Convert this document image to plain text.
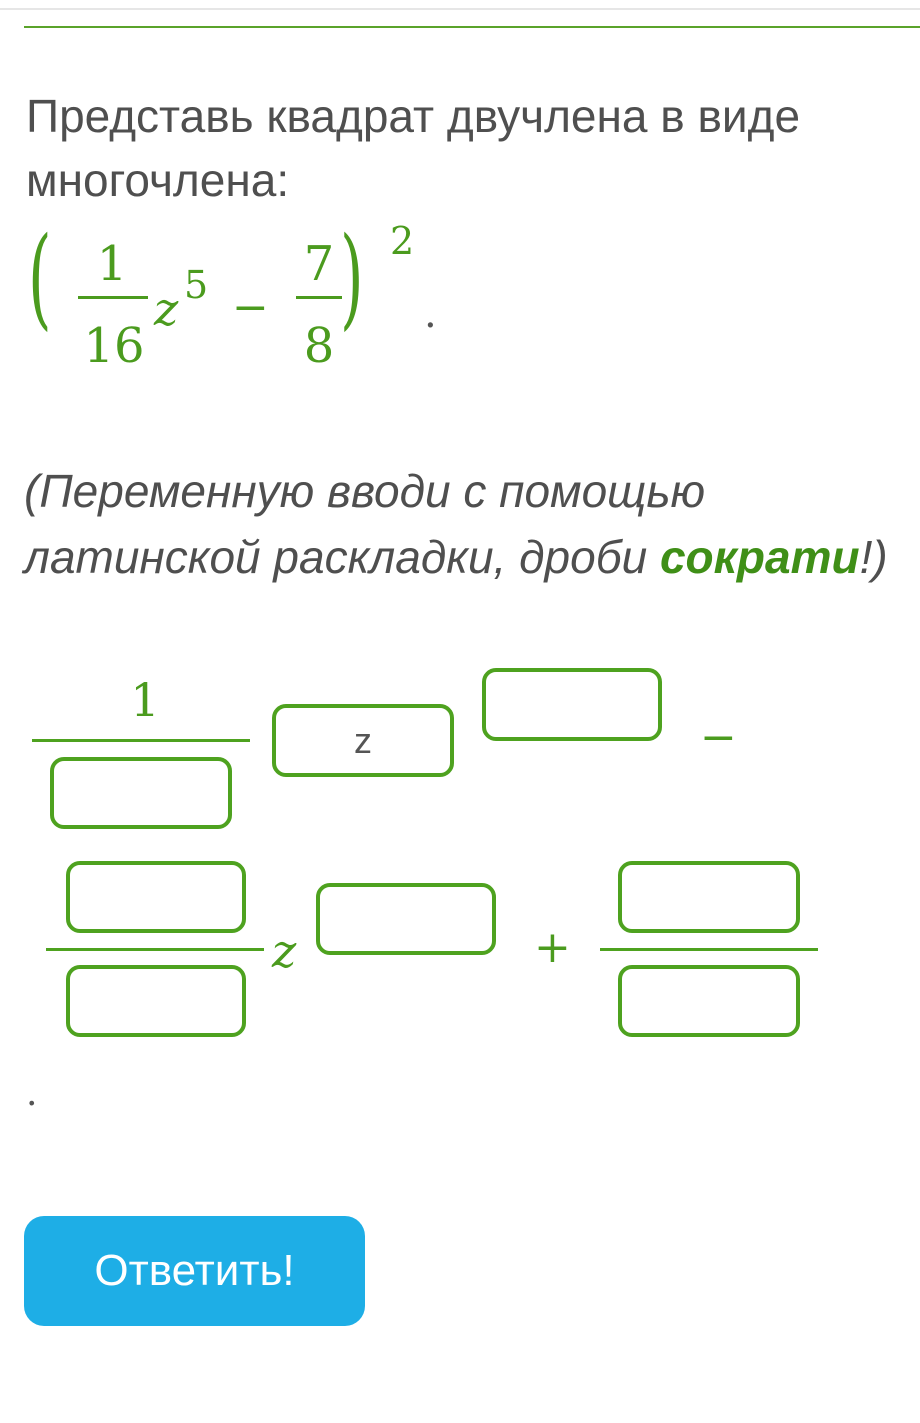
Представь квадрат двучлена в виде многочлена:
( 1
16
z 5 −
7
8
) 2
.
(Переменную вводи с помощью латинской раскладки, дроби сократи!)
1
z
−
z	+
.
Ответить!
